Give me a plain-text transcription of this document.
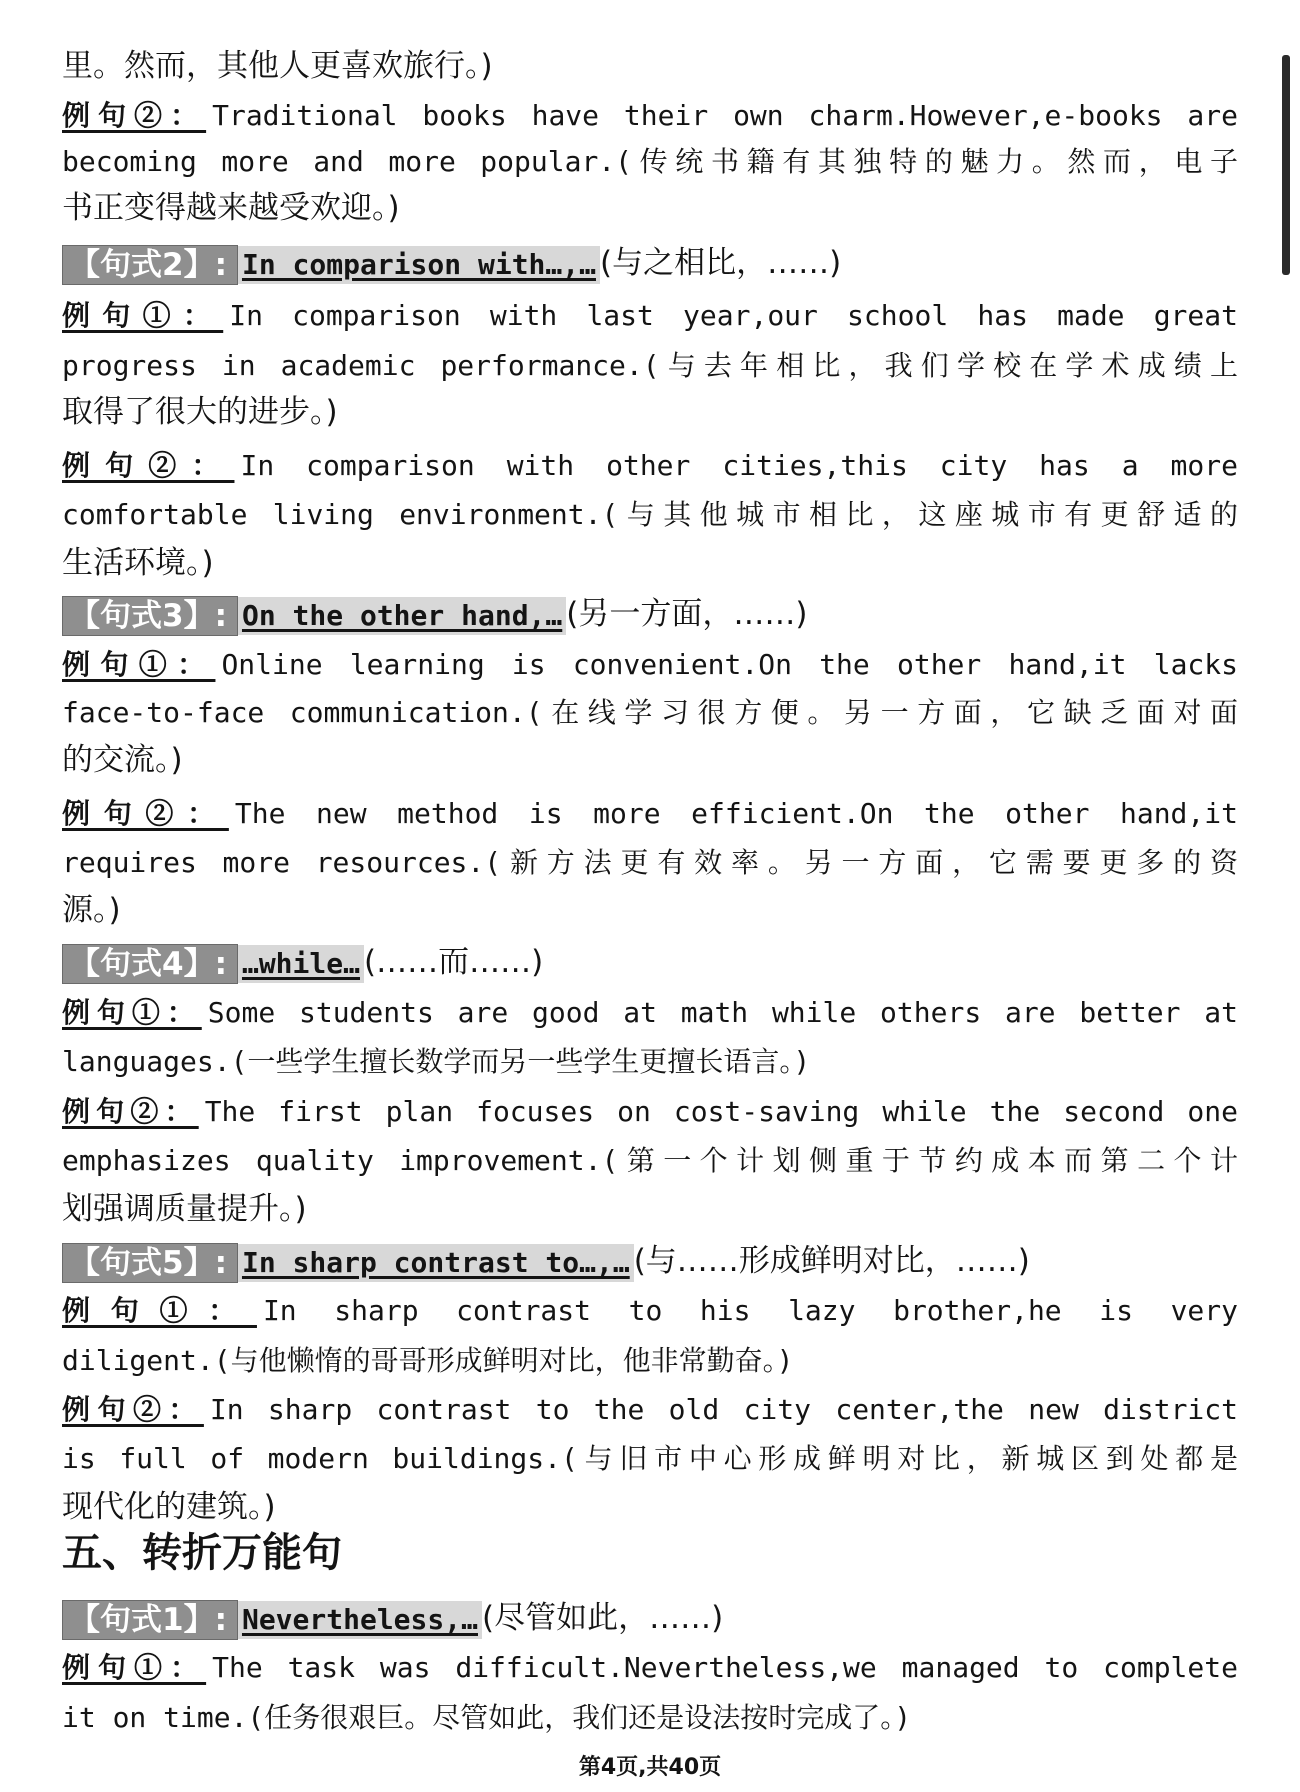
里。然而，其他人更喜欢旅行。)
例句②： Traditional books have their own charm.However,e-books are
becoming more and more popular.(传统书籍有其独特的魅力。然而，电子
书正变得越来越受欢迎。)
【句式2】: In comparison with…,… (与之相比，……)
例句①： In comparison with last year,our school has made great
progress in academic performance.(与去年相比，我们学校在学术成绩上
取得了很大的进步。)
例句②： In comparison with other cities,this city has a more
comfortable living environment.(与其他城市相比，这座城市有更舒适的
生活环境。)
【句式3】: On the other hand,… (另一方面，……)
例句①： Online learning is convenient.On the other hand,it lacks
face-to-face communication.(在线学习很方便。另一方面，它缺乏面对面
的交流。)
例句②： The new method is more efficient.On the other hand,it
requires more resources.(新方法更有效率。另一方面，它需要更多的资
源。)
【句式4】: …while… (……而……)
例句①： Some students are good at math while others are better at
languages.(一些学生擅长数学而另一些学生更擅长语言。)
例句②： The first plan focuses on cost-saving while the second one
emphasizes quality improvement.(第一个计划侧重于节约成本而第二个计
划强调质量提升。)
【句式5】: In sharp contrast to…,… (与……形成鲜明对比，……)
例句①： In sharp contrast to his lazy brother,he is very
diligent.(与他懒惰的哥哥形成鲜明对比，他非常勤奋。)
例句②： In sharp contrast to the old city center,the new district
is full of modern buildings.(与旧市中心形成鲜明对比，新城区到处都是
现代化的建筑。)
五、转折万能句
【句式1】: Nevertheless,… (尽管如此，……)
例句①： The task was difficult.Nevertheless,we managed to complete
it on time.(任务很艰巨。尽管如此，我们还是设法按时完成了。)
第4页,共40页
